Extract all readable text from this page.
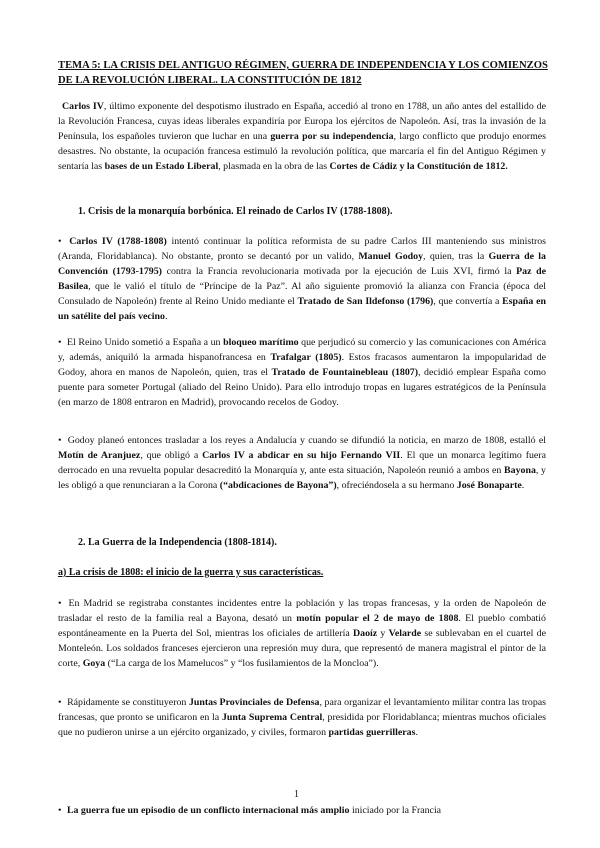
TEMA 5: LA CRISIS DEL ANTIGUO RÉGIMEN, GUERRA DE INDEPENDENCIA Y LOS COMIENZOS DE LA REVOLUCIÓN LIBERAL. LA CONSTITUCIÓN DE 1812

Carlos IV, último exponente del despotismo ilustrado en España, accedió al trono en 1788, un año antes del estallido de la Revolución Francesa, cuyas ideas liberales expandiría por Europa los ejércitos de Napoleón. Así, tras la invasión de la Península, los españoles tuvieron que luchar en una guerra por su independencia, largo conflicto que produjo enormes desastres. No obstante, la ocupación francesa estimuló la revolución política, que marcaría el fin del Antiguo Régimen y sentaría las bases de un Estado Liberal, plasmada en la obra de las Cortes de Cádiz y la Constitución de 1812.

1. Crisis de la monarquía borbónica. El reinado de Carlos IV (1788-1808).

• Carlos IV (1788-1808) intentó continuar la política reformista de su padre Carlos III manteniendo sus ministros (Aranda, Floridablanca). No obstante, pronto se decantó por un valido, Manuel Godoy, quien, tras la Guerra de la Convención (1793-1795) contra la Francia revolucionaria motivada por la ejecución de Luis XVI, firmó la Paz de Basilea, que le valió el título de “Príncipe de la Paz”. Al año siguiente promovió la alianza con Francia (época del Consulado de Napoleón) frente al Reino Unido mediante el Tratado de San Ildefonso (1796), que convertía a España en un satélite del país vecino.

• El Reino Unido sometió a España a un bloqueo marítimo que perjudicó su comercio y las comunicaciones con América y, además, aniquiló la armada hispanofrancesa en Trafalgar (1805). Estos fracasos aumentaron la impopularidad de Godoy, ahora en manos de Napoleón, quien, tras el Tratado de Fountainebleau (1807), decidió emplear España como puente para someter Portugal (aliado del Reino Unido). Para ello introdujo tropas en lugares estratégicos de la Península (en marzo de 1808 entraron en Madrid), provocando recelos de Godoy.

• Godoy planeó entonces trasladar a los reyes a Andalucía y cuando se difundió la noticia, en marzo de 1808, estalló el Motín de Aranjuez, que obligó a Carlos IV a abdicar en su hijo Fernando VII. El que un monarca legítimo fuera derrocado en una revuelta popular desacreditó la Monarquía y, ante esta situación, Napoleón reunió a ambos en Bayona, y les obligó a que renunciaran a la Corona (“abdicaciones de Bayona”), ofreciéndosela a su hermano José Bonaparte.

2. La Guerra de la Independencia (1808-1814).
a) La crisis de 1808: el inicio de la guerra y sus características.

• En Madrid se registraba constantes incidentes entre la población y las tropas francesas, y la orden de Napoleón de trasladar el resto de la familia real a Bayona, desató un motín popular el 2 de mayo de 1808. El pueblo combatió espontáneamente en la Puerta del Sol, mientras los oficiales de artillería Daoíz y Velarde se sublevaban en el cuartel de Monteleón. Los soldados franceses ejercieron una represión muy dura, que representó de manera magistral el pintor de la corte, Goya (“La carga de los Mamelucos” y “los fusilamientos de la Moncloa”).

• Rápidamente se constituyeron Juntas Provinciales de Defensa, para organizar el levantamiento militar contra las tropas francesas, que pronto se unificaron en la Junta Suprema Central, presidida por Floridablanca; mientras muchos oficiales que no pudieron unirse a un ejército organizado, y civiles, formaron partidas guerrilleras.

1

• La guerra fue un episodio de un conflicto internacional más amplio iniciado por la Francia
